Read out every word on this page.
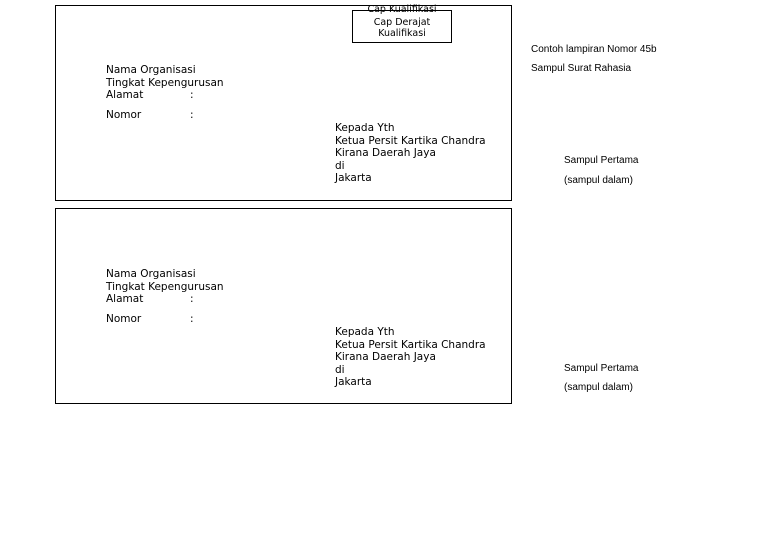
Cap Kualifikasi
Cap Derajat
Kualifikasi
Nama Organisasi
Tingkat Kepengurusan
Alamat	:
Nomor	:
Kepada Yth
Ketua Persit Kartika Chandra
Kirana Daerah Jaya
di
Jakarta
Nama Organisasi
Tingkat Kepengurusan
Alamat	:
Nomor	:
Kepada Yth
Ketua Persit Kartika Chandra
Kirana Daerah Jaya
di
Jakarta
Contoh lampiran Nomor 45b
Sampul Surat Rahasia
Sampul Pertama
(sampul dalam)
Sampul Pertama
(sampul dalam)
